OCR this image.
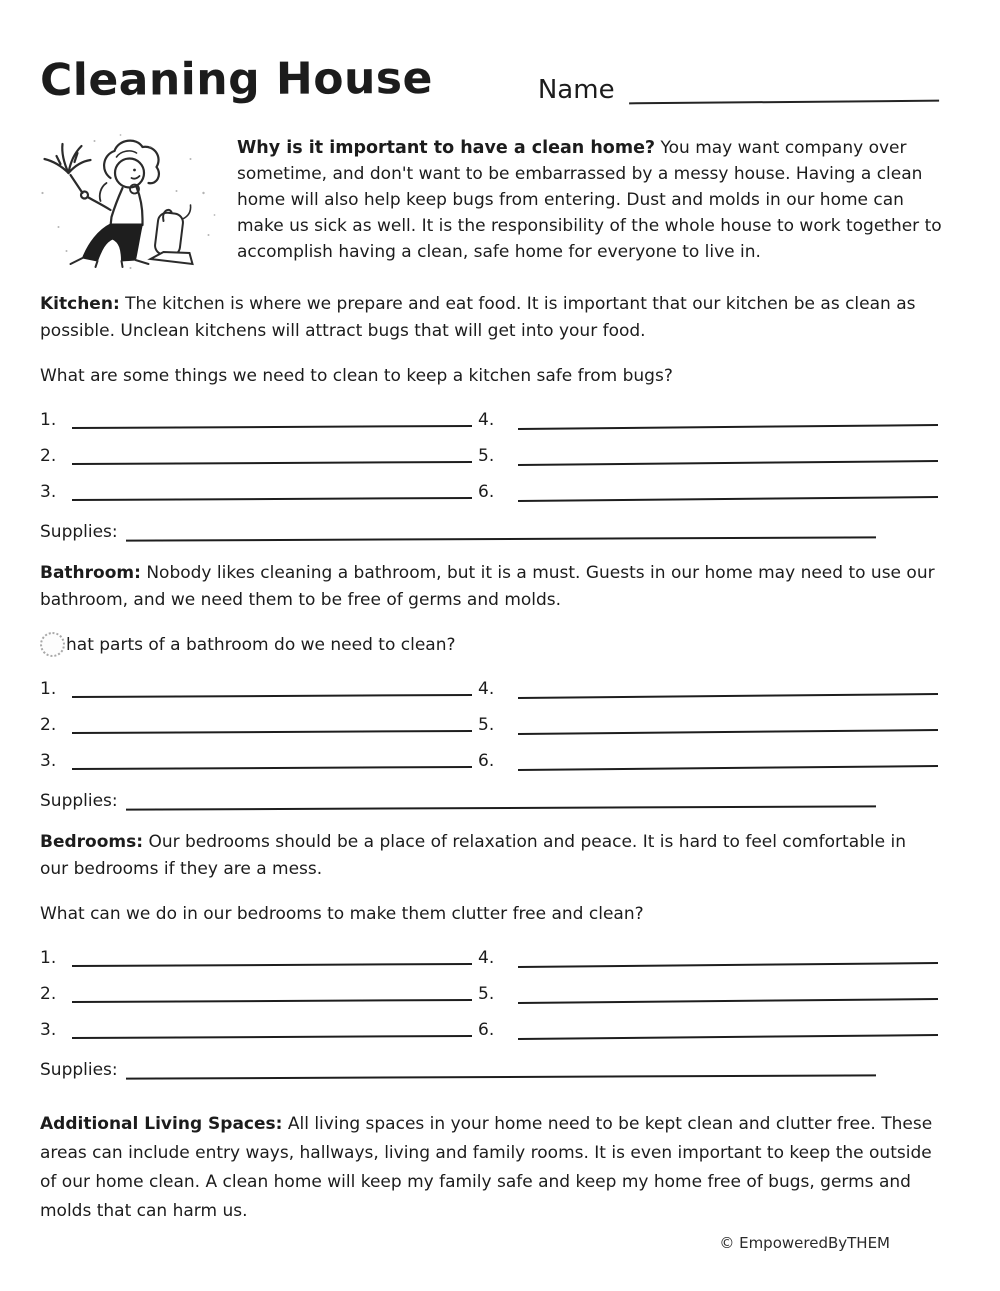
Cleaning House	Name

Why is it important to have a clean home? You may want company over sometime, and don't want to be embarrassed by a messy house. Having a clean home will also help keep bugs from entering. Dust and molds in our home can make us sick as well. It is the responsibility of the whole house to work together to accomplish having a clean, safe home for everyone to live in.

Kitchen: The kitchen is where we prepare and eat food. It is important that our kitchen be as clean as possible. Unclean kitchens will attract bugs that will get into your food.

What are some things we need to clean to keep a kitchen safe from bugs?

1.	4.
2.	5.
3.	6.
Supplies:

Bathroom: Nobody likes cleaning a bathroom, but it is a must. Guests in our home may need to use our bathroom, and we need them to be free of germs and molds.

hat parts of a bathroom do we need to clean?

1.	4.
2.	5.
3.	6.
Supplies:

Bedrooms: Our bedrooms should be a place of relaxation and peace. It is hard to feel comfortable in our bedrooms if they are a mess.

What can we do in our bedrooms to make them clutter free and clean?

1.	4.
2.	5.
3.	6.
Supplies:

Additional Living Spaces: All living spaces in your home need to be kept clean and clutter free. These areas can include entry ways, hallways, living and family rooms. It is even important to keep the outside of our home clean. A clean home will keep my family safe and keep my home free of bugs, germs and molds that can harm us.

© EmpoweredByTHEM
